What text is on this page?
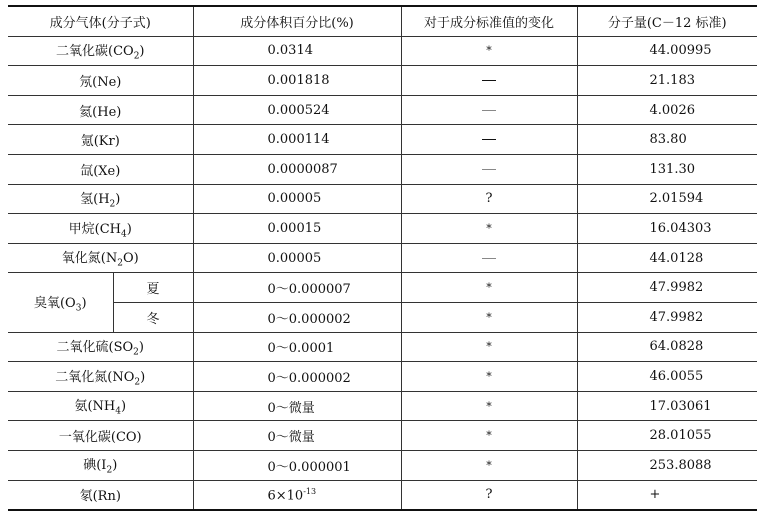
成分气体(分子式)		成分体积百分比(%)	对于成分标准值的变化	分子量(C－12 标准)
二氧化碳$(CO_2)$		0.0314	*	44.00995
氖(Ne)		0.001818		21.183
氦(He)		0.000524		4.0026
氪(Kr)		0.000114		83.80
氙(Xe)		0.0000087		131.30
氢$(H_2)$		0.00005	?	2.01594
甲烷$(CH_4)$		0.00015	*	16.04303
氧化氮$(N_2O)$		0.00005		44.0128
臭氧$(O_3)$	夏	0～0.000007	*	47.9982
	冬	0～0.000002	*	47.9982
二氧化硫$(SO_2)$		0～0.0001	*	64.0828
二氧化氮$(NO_2)$		0～0.000002	*	46.0055
氨$(NH_4)$		0～微量	*	17.03061
一氧化碳(CO)		0～微量	*	28.01055
碘$(I_2)$		0～0.000001	*	253.8088
氡(Rn)		$6\times 10^{-13}$	?	+
